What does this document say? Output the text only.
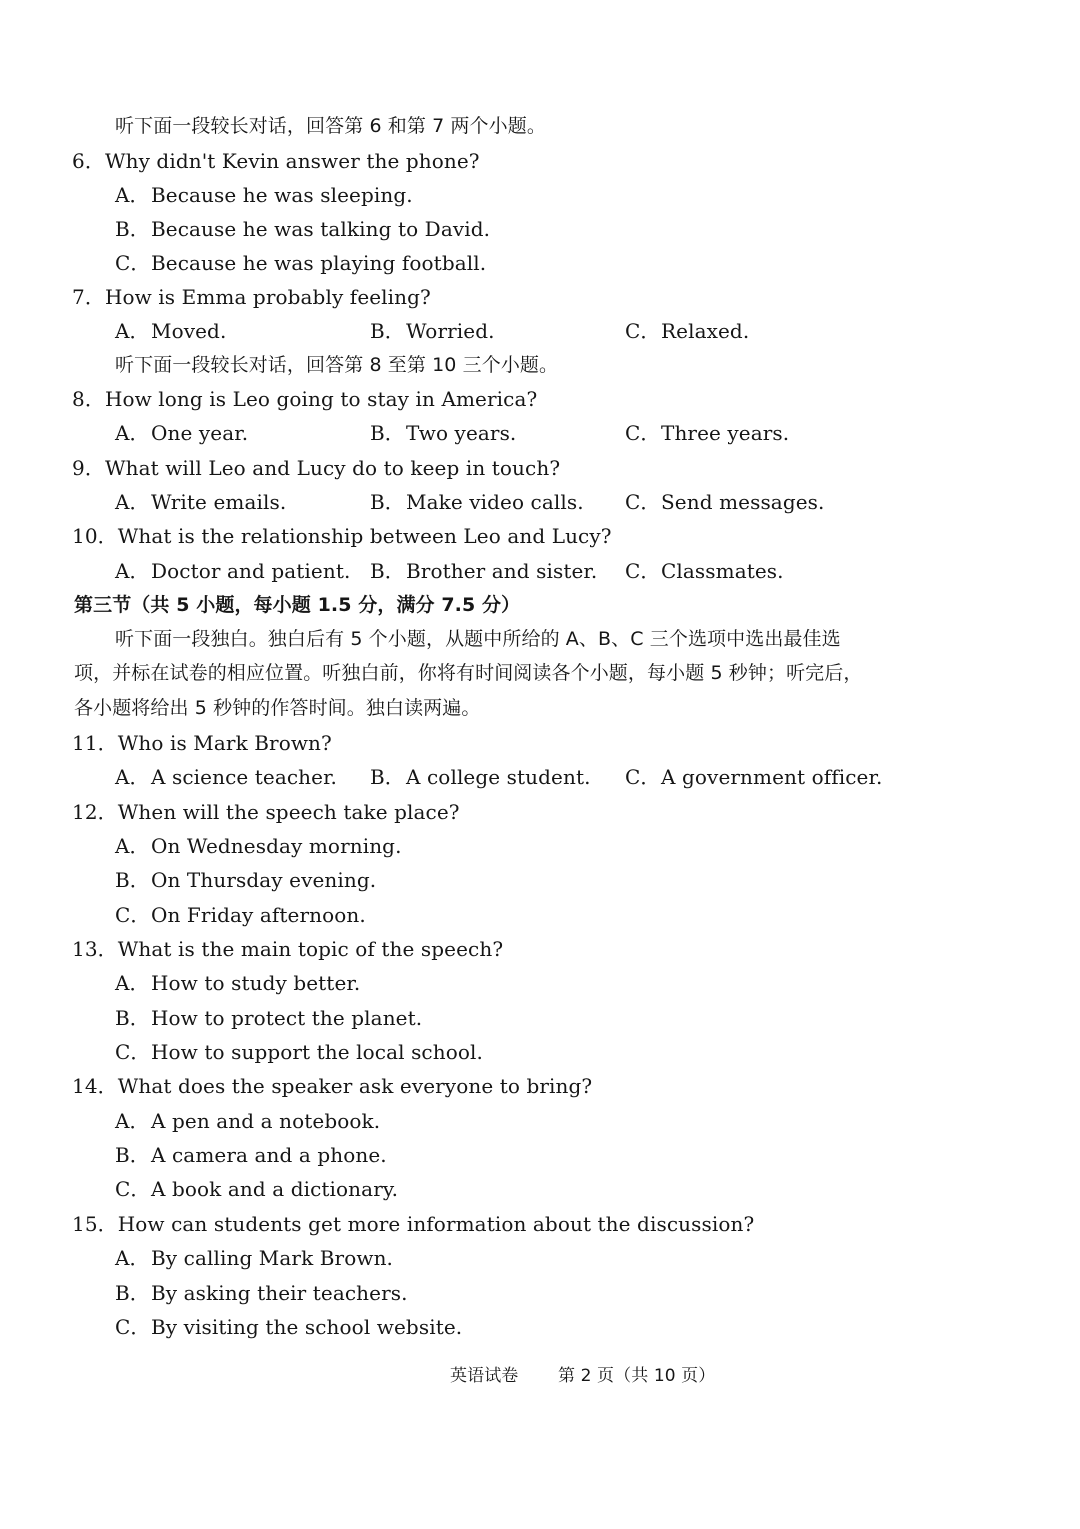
听下面一段较长对话，回答第 6 和第 7 两个小题。
6．Why didn't Kevin answer the phone?
A．Because he was sleeping.
B．Because he was talking to David.
C．Because he was playing football.
7．How is Emma probably feeling?
A．Moved.	B．Worried.	C．Relaxed.
听下面一段较长对话，回答第 8 至第 10 三个小题。
8．How long is Leo going to stay in America?
A．One year.	B．Two years.	C．Three years.
9．What will Leo and Lucy do to keep in touch?
A．Write emails.	B．Make video calls. C．Send messages.
10．What is the relationship between Leo and Lucy?
A．Doctor and patient. B．Brother and sister. C．Classmates.
第三节（共 5 小题，每小题 1.5 分，满分 7.5 分）
听下面一段独白。独白后有 5 个小题，从题中所给的 A、B、C 三个选项中选出最佳选
项，并标在试卷的相应位置。听独白前，你将有时间阅读各个小题，每小题 5 秒钟；听完后，
各小题将给出 5 秒钟的作答时间。独白读两遍。
11．Who is Mark Brown?
A．A science teacher. B．A college student. C．A government officer.
12．When will the speech take place?
A．On Wednesday morning.
B．On Thursday evening.
C．On Friday afternoon.
13．What is the main topic of the speech?
A．How to study better.
B．How to protect the planet.
C．How to support the local school.
14．What does the speaker ask everyone to bring?
A．A pen and a notebook.
B．A camera and a phone.
C．A book and a dictionary.
15．How can students get more information about the discussion?
A．By calling Mark Brown.
B．By asking their teachers.
C．By visiting the school website.
英语试卷 第 2 页（共 10 页）
